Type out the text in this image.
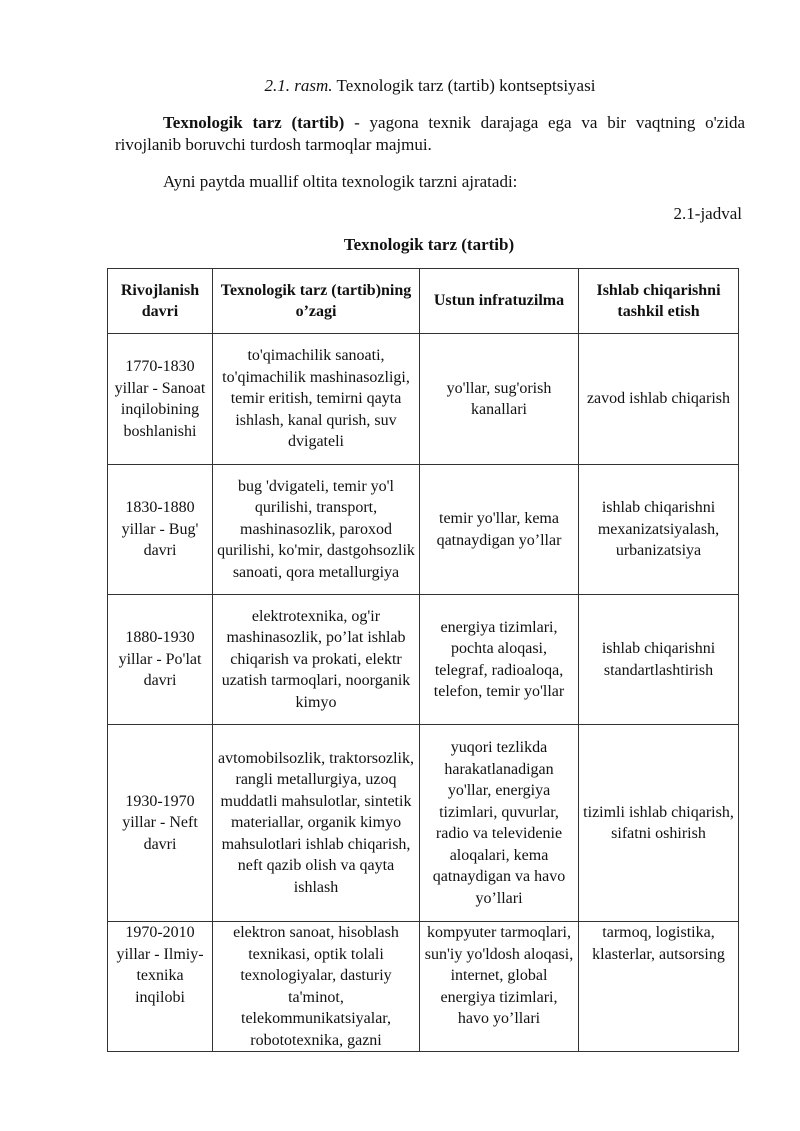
2.1. rasm. Texnologik tarz (tartib) kontseptsiyasi
Texnologik tarz (tartib) - yagona texnik darajaga ega va bir vaqtning o'zida rivojlanib boruvchi turdosh tarmoqlar majmui.
Ayni paytda muallif oltita texnologik tarzni ajratadi:
2.1-jadval
Texnologik tarz (tartib)
Rivojlanish davri	Texnologik tarz (tartib)ning o’zagi	Ustun infratuzilma	Ishlab chiqarishni tashkil etish
1770-1830 yillar - Sanoat inqilobining boshlanishi	to'qimachilik sanoati, to'qimachilik mashinasozligi, temir eritish, temirni qayta ishlash, kanal qurish, suv dvigateli	yo'llar, sug'orish kanallari	zavod ishlab chiqarish
1830-1880 yillar - Bug' davri	bug 'dvigateli, temir yo'l qurilishi, transport, mashinasozlik, paroxod qurilishi, ko'mir, dastgohsozlik sanoati, qora metallurgiya	temir yo'llar, kema qatnaydigan yo’llar	ishlab chiqarishni mexanizatsiyalash, urbanizatsiya
1880-1930 yillar - Po'lat davri	elektrotexnika, og'ir mashinasozlik, po’lat ishlab chiqarish va prokati, elektr uzatish tarmoqlari, noorganik kimyo	energiya tizimlari, pochta aloqasi, telegraf, radioaloqa, telefon, temir yo'llar	ishlab chiqarishni standartlashtirish
1930-1970 yillar - Neft davri	avtomobilsozlik, traktorsozlik, rangli metallurgiya, uzoq muddatli mahsulotlar, sintetik materiallar, organik kimyo mahsulotlari ishlab chiqarish, neft qazib olish va qayta ishlash	yuqori tezlikda harakatlanadigan yo'llar, energiya tizimlari, quvurlar, radio va televidenie aloqalari, kema qatnaydigan va havo yo’llari	tizimli ishlab chiqarish, sifatni oshirish
1970-2010 yillar - Ilmiy-texnika inqilobi	elektron sanoat, hisoblash texnikasi, optik tolali texnologiyalar, dasturiy ta'minot, telekommunikatsiyalar, robototexnika, gazni	kompyuter tarmoqlari, sun'iy yo'ldosh aloqasi, internet, global energiya tizimlari, havo yo’llari	tarmoq, logistika, klasterlar, autsorsing
